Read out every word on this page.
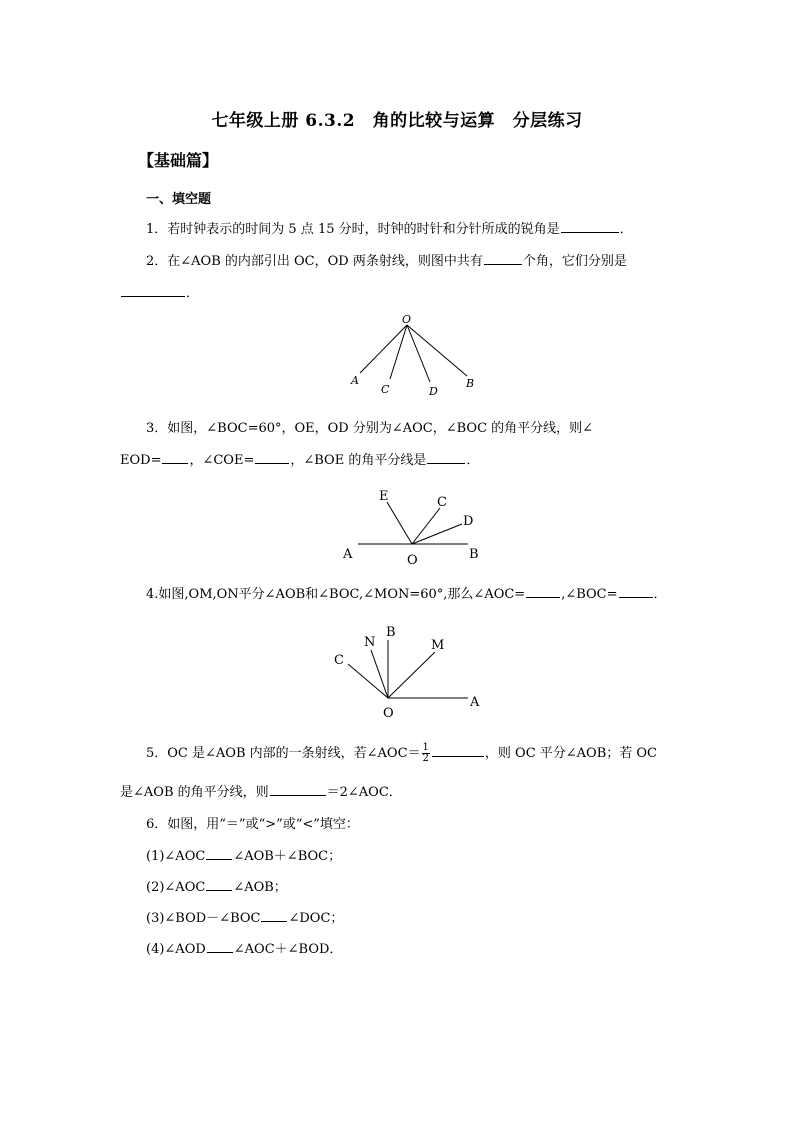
七年级上册 6.3.2　角的比较与运算　分层练习
【基础篇】
一、填空题
1．若时钟表示的时间为 5 点 15 分时，时钟的时针和分针所成的锐角是	．
2．在∠AOB 的内部引出 OC，OD 两条射线，则图中共有	个角，它们分别是
．
O
A
C	D
B
3．如图，∠BOC=60°，OE，OD 分别为∠AOC，∠BOC 的角平分线，则∠
EOD= ，∠COE=	，∠BOE 的角平分线是	．
E	C
D
A	O	B
4.如图,OM,ON平分∠AOB和∠BOC,∠MON=60°,那么∠AOC=	,∠BOC=	．
N
B
M
C
O
A
5．OC 是∠AOB 内部的一条射线，若∠AOC＝ $\frac{1}{2}$	，则 OC 平分∠AOB；若 OC
是∠AOB 的角平分线，则	＝2∠AOC．
6．如图，用“＝”或“>”或“<”填空：
(1)∠AOC ∠AOB＋∠BOC；
(2)∠AOC ∠AOB；
(3)∠BOD－∠BOC ∠DOC；
(4)∠AOD ∠AOC＋∠BOD．
